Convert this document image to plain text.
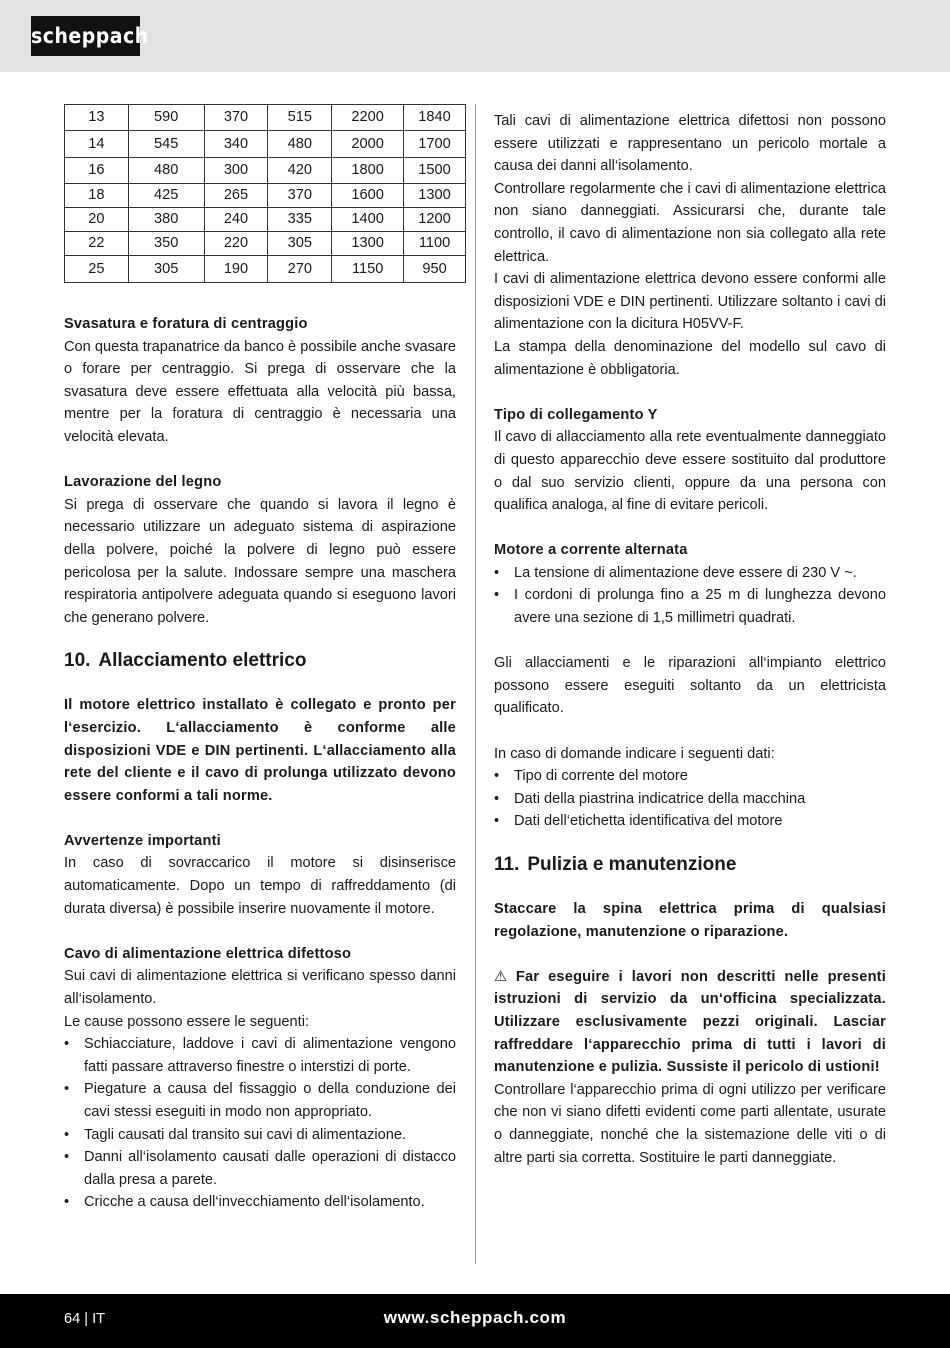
scheppach
13	590	370	515	2200	1840
14	545	340	480	2000	1700
16	480	300	420	1800	1500
18	425	265	370	1600	1300
20	380	240	335	1400	1200
22	350	220	305	1300	1100
25	305	190	270	1150	950
Svasatura e foratura di centraggio

Con questa trapanatrice da banco è possibile anche svasare o forare per centraggio. Si prega di osservare che la svasatura deve essere effettuata alla velocità più bassa, mentre per la foratura di centraggio è necessaria una velocità elevata.

Lavorazione del legno

Si prega di osservare che quando si lavora il legno è necessario utilizzare un adeguato sistema di aspirazione della polvere, poiché la polvere di legno può essere pericolosa per la salute. Indossare sempre una maschera respiratoria antipolvere adeguata quando si eseguono lavori che generano polvere.

10. Allacciamento elettrico

Il motore elettrico installato è collegato e pronto per l‘esercizio. L‘allacciamento è conforme alle disposizioni VDE e DIN pertinenti. L‘allacciamento alla rete del cliente e il cavo di prolunga utilizzato devono essere conformi a tali norme.

Avvertenze importanti

In caso di sovraccarico il motore si disinserisce automaticamente. Dopo un tempo di raffreddamento (di durata diversa) è possibile inserire nuovamente il motore.

Cavo di alimentazione elettrica difettoso

Sui cavi di alimentazione elettrica si verificano spesso danni all‘isolamento.

Le cause possono essere le seguenti:

• Schiacciature, laddove i cavi di alimentazione vengono fatti passare attraverso finestre o interstizi di porte.
• Piegature a causa del fissaggio o della conduzione dei cavi stessi eseguiti in modo non appropriato.
• Tagli causati dal transito sui cavi di alimentazione.
• Danni all‘isolamento causati dalle operazioni di distacco dalla presa a parete.
• Cricche a causa dell‘invecchiamento dell‘isolamento.

Tali cavi di alimentazione elettrica difettosi non possono essere utilizzati e rappresentano un pericolo mortale a causa dei danni all‘isolamento.

Controllare regolarmente che i cavi di alimentazione elettrica non siano danneggiati. Assicurarsi che, durante tale controllo, il cavo di alimentazione non sia collegato alla rete elettrica.

I cavi di alimentazione elettrica devono essere conformi alle disposizioni VDE e DIN pertinenti. Utilizzare soltanto i cavi di alimentazione con la dicitura H05VV-F.

La stampa della denominazione del modello sul cavo di alimentazione è obbligatoria.

Tipo di collegamento Y

Il cavo di allacciamento alla rete eventualmente danneggiato di questo apparecchio deve essere sostituito dal produttore o dal suo servizio clienti, oppure da una persona con qualifica analoga, al fine di evitare pericoli.

Motore a corrente alternata
• La tensione di alimentazione deve essere di 230 V ~.
• I cordoni di prolunga fino a 25 m di lunghezza devono avere una sezione di 1,5 millimetri quadrati.

Gli allacciamenti e le riparazioni all‘impianto elettrico possono essere eseguiti soltanto da un elettricista qualificato.

In caso di domande indicare i seguenti dati:

• Tipo di corrente del motore
• Dati della piastrina indicatrice della macchina
• Dati dell‘etichetta identificativa del motore
11. Pulizia e manutenzione

Staccare la spina elettrica prima di qualsiasi regolazione, manutenzione o riparazione.

⚠ Far eseguire i lavori non descritti nelle presenti istruzioni di servizio da un‘officina specializzata. Utilizzare esclusivamente pezzi originali. Lasciar raffreddare l‘apparecchio prima di tutti i lavori di manutenzione e pulizia. Sussiste il pericolo di ustioni!

Controllare l‘apparecchio prima di ogni utilizzo per verificare che non vi siano difetti evidenti come parti allentate, usurate o danneggiate, nonché che la sistemazione delle viti o di altre parti sia corretta. Sostituire le parti danneggiate.

64 | IT	www.scheppach.com
